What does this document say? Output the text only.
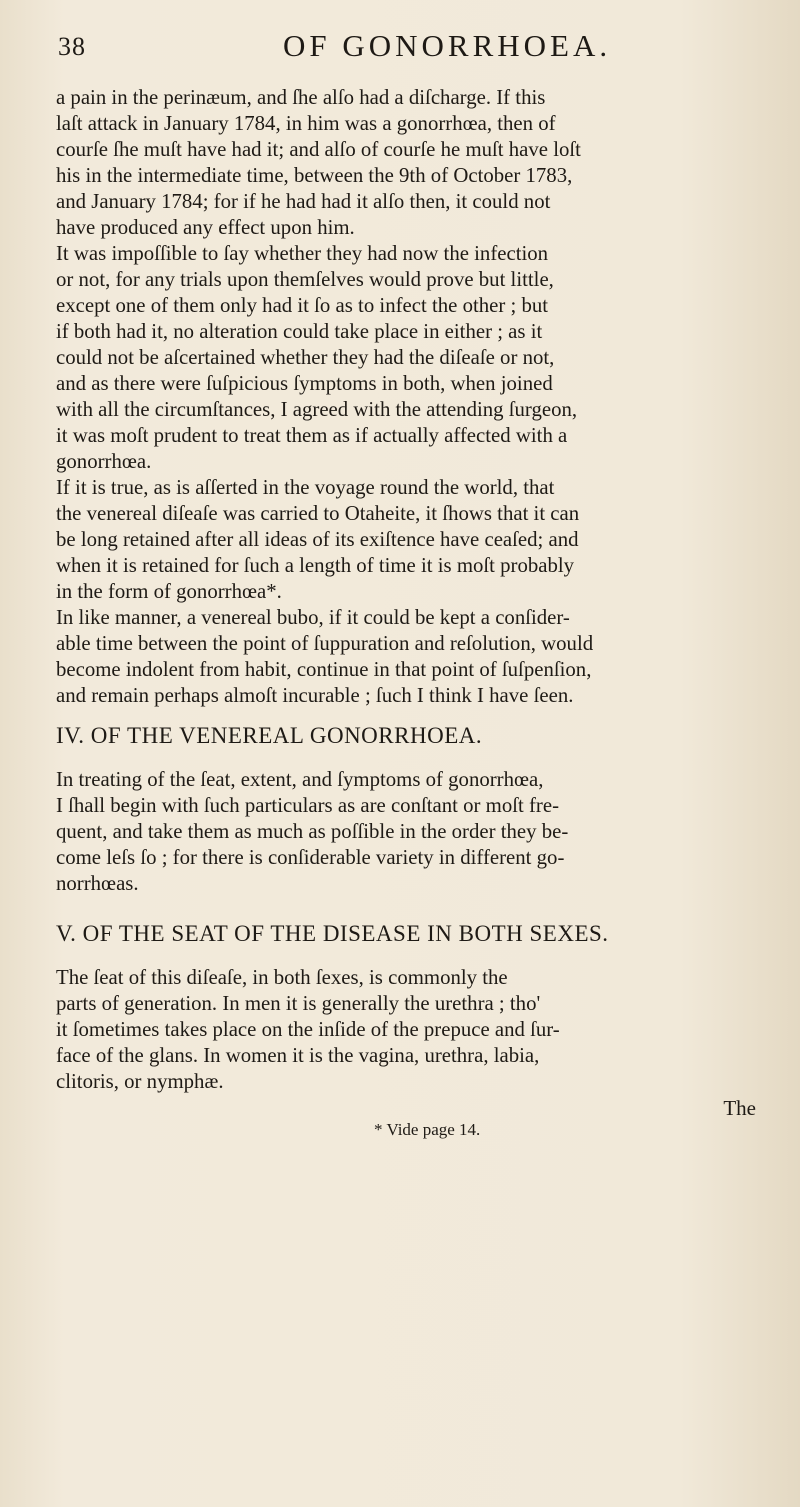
38	OF GONORRHOEA.
a pain in the perinæum, and ſhe alſo had a diſcharge. If this
laſt attack in January 1784, in him was a gonorrhœa, then of
courſe ſhe muſt have had it; and alſo of courſe he muſt have loſt
his in the intermediate time, between the 9th of October 1783,
and January 1784; for if he had had it alſo then, it could not
have produced any effect upon him.
It was impoſſible to ſay whether they had now the infection
or not, for any trials upon themſelves would prove but little,
except one of them only had it ſo as to infect the other ; but
if both had it, no alteration could take place in either ; as it
could not be aſcertained whether they had the diſeaſe or not,
and as there were ſuſpicious ſymptoms in both, when joined
with all the circumſtances, I agreed with the attending ſurgeon,
it was moſt prudent to treat them as if actually affected with a
gonorrhœa.
If it is true, as is aſſerted in the voyage round the world, that
the venereal diſeaſe was carried to Otaheite, it ſhows that it can
be long retained after all ideas of its exiſtence have ceaſed; and
when it is retained for ſuch a length of time it is moſt probably
in the form of gonorrhœa*.
In like manner, a venereal bubo, if it could be kept a conſider-
able time between the point of ſuppuration and reſolution, would
become indolent from habit, continue in that point of ſuſpenſion,
and remain perhaps almoſt incurable ; ſuch I think I have ſeen.
IV. OF THE VENEREAL GONORRHOEA.
In treating of the ſeat, extent, and ſymptoms of gonorrhœa,
I ſhall begin with ſuch particulars as are conſtant or moſt fre-
quent, and take them as much as poſſible in the order they be-
come leſs ſo ; for there is conſiderable variety in different go-
norrhœas.
V. OF THE SEAT OF THE DISEASE IN BOTH SEXES.
The ſeat of this diſeaſe, in both ſexes, is commonly the
parts of generation. In men it is generally the urethra ; tho'
it ſometimes takes place on the inſide of the prepuce and ſur-
face of the glans. In women it is the vagina, urethra, labia,
clitoris, or nymphæ.
The
* Vide page 14.
